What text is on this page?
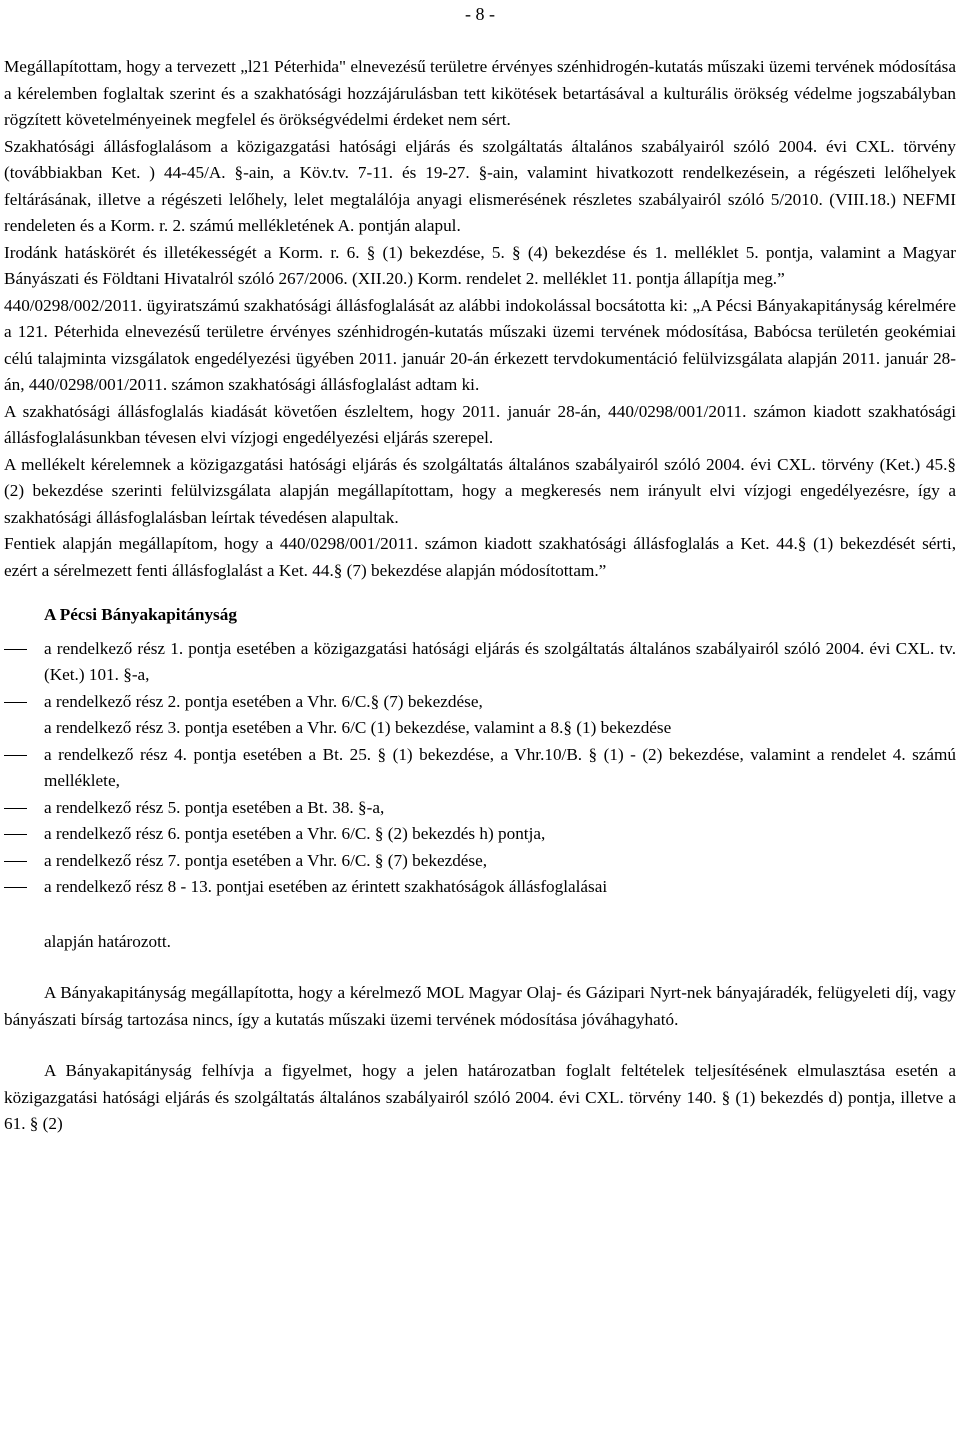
- 8 -

Megállapítottam, hogy a tervezett „l21 Péterhida" elnevezésű területre érvényes szénhidrogén-kutatás műszaki üzemi tervének módosítása a kérelemben foglaltak szerint és a szakhatósági hozzájárulásban tett kikötések betartásával a kulturális örökség védelme jogszabályban rögzített követelményeinek megfelel és örökségvédelmi érdeket nem sért.

Szakhatósági állásfoglalásom a közigazgatási hatósági eljárás és szolgáltatás általános szabályairól szóló 2004. évi CXL. törvény (továbbiakban Ket. ) 44-45/A. §-ain, a Köv.tv. 7-11. és 19-27. §-ain, valamint hivatkozott rendelkezésein, a régészeti lelőhelyek feltárásának, illetve a régészeti lelőhely, lelet megtalálója anyagi elismerésének részletes szabályairól szóló 5/2010. (VIII.18.) NEFMI rendeleten és a Korm. r. 2. számú mellékletének A. pontján alapul.

Irodánk hatáskörét és illetékességét a Korm. r. 6. § (1) bekezdése, 5. § (4) bekezdése és 1. melléklet 5. pontja, valamint a Magyar Bányászati és Földtani Hivatalról szóló 267/2006. (XII.20.) Korm. rendelet 2. melléklet 11. pontja állapítja meg.”

440/0298/002/2011. ügyiratszámú szakhatósági állásfoglalását az alábbi indokolással bocsátotta ki: „A Pécsi Bányakapitányság kérelmére a 121. Péterhida elnevezésű területre érvényes szénhidrogén-kutatás műszaki üzemi tervének módosítása, Babócsa területén geokémiai célú talajminta vizsgálatok engedélyezési ügyében 2011. január 20-án érkezett tervdokumentáció felülvizsgálata alapján 2011. január 28-án, 440/0298/001/2011. számon szakhatósági állásfoglalást adtam ki.

A szakhatósági állásfoglalás kiadását követően észleltem, hogy 2011. január 28-án, 440/0298/001/2011. számon kiadott szakhatósági állásfoglalásunkban tévesen elvi vízjogi engedélyezési eljárás szerepel.

A mellékelt kérelemnek a közigazgatási hatósági eljárás és szolgáltatás általános szabályairól szóló 2004. évi CXL. törvény (Ket.) 45.§ (2) bekezdése szerinti felülvizsgálata alapján megállapítottam, hogy a megkeresés nem irányult elvi vízjogi engedélyezésre, így a szakhatósági állásfoglalásban leírtak tévedésen alapultak.

Fentiek alapján megállapítom, hogy a 440/0298/001/2011. számon kiadott szakhatósági állásfoglalás a Ket. 44.§ (1) bekezdését sérti, ezért a sérelmezett fenti állásfoglalást a Ket. 44.§ (7) bekezdése alapján módosítottam.”

A Pécsi Bányakapitányság

a rendelkező rész 1. pontja esetében a közigazgatási hatósági eljárás és szolgáltatás általános szabályairól szóló 2004. évi CXL. tv. (Ket.) 101. §-a,
a rendelkező rész 2. pontja esetében a Vhr. 6/C.§ (7) bekezdése,

a rendelkező rész 3. pontja esetében a Vhr. 6/C (1) bekezdése, valamint a 8.§ (1) bekezdése

a rendelkező rész 4. pontja esetében a Bt. 25. § (1) bekezdése, a Vhr.10/B. § (1) - (2) bekezdése, valamint a rendelet 4. számú melléklete,
a rendelkező rész 5. pontja esetében a Bt. 38. §-a,
a rendelkező rész 6. pontja esetében a Vhr. 6/C. § (2) bekezdés h) pontja,
a rendelkező rész 7. pontja esetében a Vhr. 6/C. § (7) bekezdése,
a rendelkező rész 8 - 13. pontjai esetében az érintett szakhatóságok állásfoglalásai

alapján határozott.

A Bányakapitányság megállapította, hogy a kérelmező MOL Magyar Olaj- és Gázipari Nyrt-nek bányajáradék, felügyeleti díj, vagy bányászati bírság tartozása nincs, így a kutatás műszaki üzemi tervének módosítása jóváhagyható.

A Bányakapitányság felhívja a figyelmet, hogy a jelen határozatban foglalt feltételek teljesítésének elmulasztása esetén a közigazgatási hatósági eljárás és szolgáltatás általános szabályairól szóló 2004. évi CXL. törvény 140. § (1) bekezdés d) pontja, illetve a 61. § (2)
